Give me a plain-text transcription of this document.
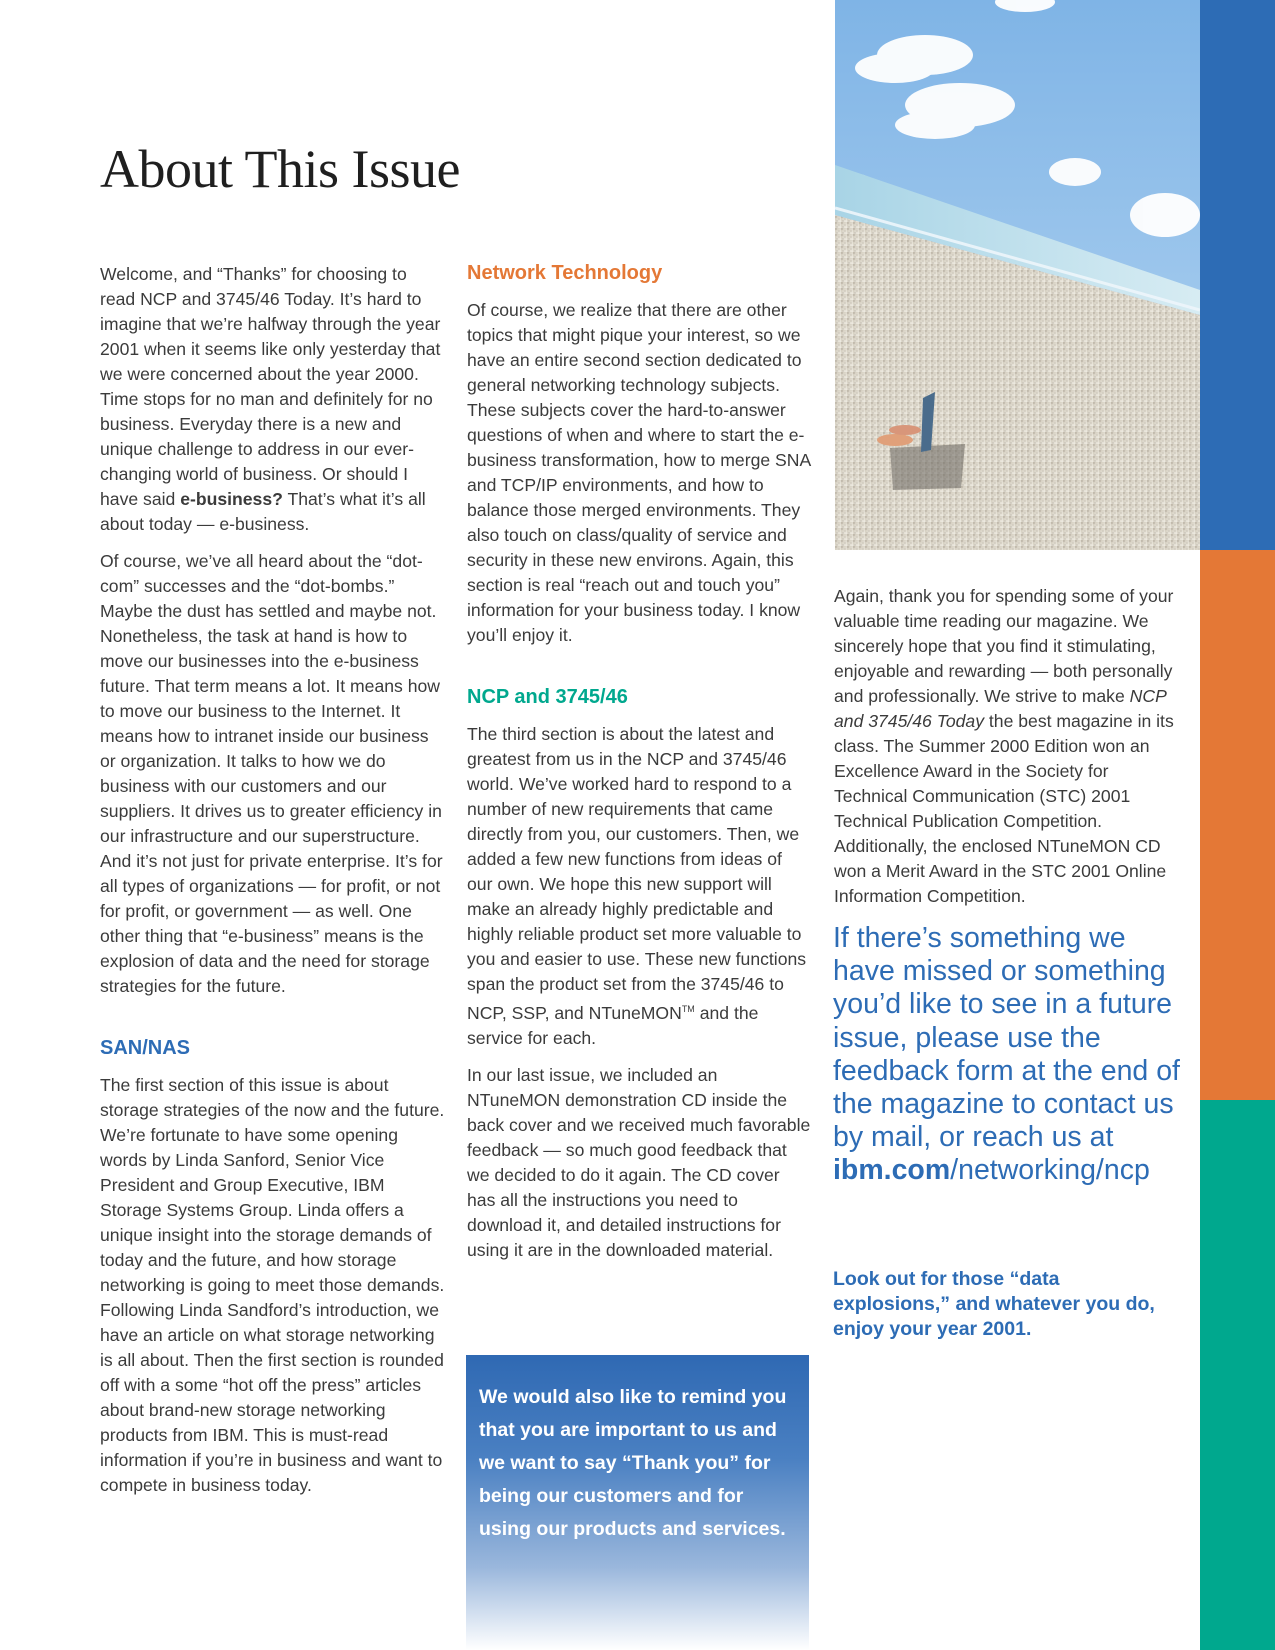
About This Issue

Welcome, and “Thanks” for choosing to read NCP and 3745/46 Today. It’s hard to imagine that we’re halfway through the year 2001 when it seems like only yesterday that we were concerned about the year 2000. Time stops for no man and definitely for no business. Everyday there is a new and unique challenge to address in our ever-changing world of business. Or should I have said e-business? That’s what it’s all about today — e-business.

Of course, we’ve all heard about the “dot-com” successes and the “dot-bombs.” Maybe the dust has settled and maybe not. Nonetheless, the task at hand is how to move our businesses into the e-business future. That term means a lot. It means how to move our business to the Internet. It means how to intranet inside our business or organization. It talks to how we do business with our customers and our suppliers. It drives us to greater efficiency in our infrastructure and our superstructure. And it’s not just for private enterprise. It’s for all types of organizations — for profit, or not for profit, or government — as well. One other thing that “e-business” means is the explosion of data and the need for storage strategies for the future.

SAN/NAS

The first section of this issue is about storage strategies of the now and the future. We’re fortunate to have some opening words by Linda Sanford, Senior Vice President and Group Executive, IBM Storage Systems Group. Linda offers a unique insight into the storage demands of today and the future, and how storage networking is going to meet those demands. Following Linda Sandford’s introduction, we have an article on what storage networking is all about. Then the first section is rounded off with a some “hot off the press” articles about brand-new storage networking products from IBM. This is must-read information if you’re in business and want to compete in business today.

Network Technology

Of course, we realize that there are other topics that might pique your interest, so we have an entire second section dedicated to general networking technology subjects. These subjects cover the hard-to-answer questions of when and where to start the e-business transformation, how to merge SNA and TCP/IP environments, and how to balance those merged environments. They also touch on class/quality of service and security in these new environs. Again, this section is real “reach out and touch you” information for your business today. I know you’ll enjoy it.

NCP and 3745/46

The third section is about the latest and greatest from us in the NCP and 3745/46 world. We’ve worked hard to respond to a number of new requirements that came directly from you, our customers. Then, we added a few new functions from ideas of our own. We hope this new support will make an already highly predictable and highly reliable product set more valuable to you and easier to use. These new functions span the product set from the 3745/46 to NCP, SSP, and NTuneMON™ and the service for each.

In our last issue, we included an NTuneMON demonstration CD inside the back cover and we received much favorable feedback — so much good feedback that we decided to do it again. The CD cover has all the instructions you need to download it, and detailed instructions for using it are in the downloaded material.

We would also like to remind you that you are important to us and we want to say “Thank you” for being our customers and for using our products and services.

Again, thank you for spending some of your valuable time reading our magazine. We sincerely hope that you find it stimulating, enjoyable and rewarding — both personally and professionally. We strive to make NCP and 3745/46 Today the best magazine in its class. The Summer 2000 Edition won an Excellence Award in the Society for Technical Communication (STC) 2001 Technical Publication Competition. Additionally, the enclosed NTuneMON CD won a Merit Award in the STC 2001 Online Information Competition.

If there’s something we have missed or something you’d like to see in a future issue, please use the feedback form at the end of the magazine to contact us by mail, or reach us at ibm.com/networking/ncp
Look out for those “data explosions,” and whatever you do, enjoy your year 2001.
